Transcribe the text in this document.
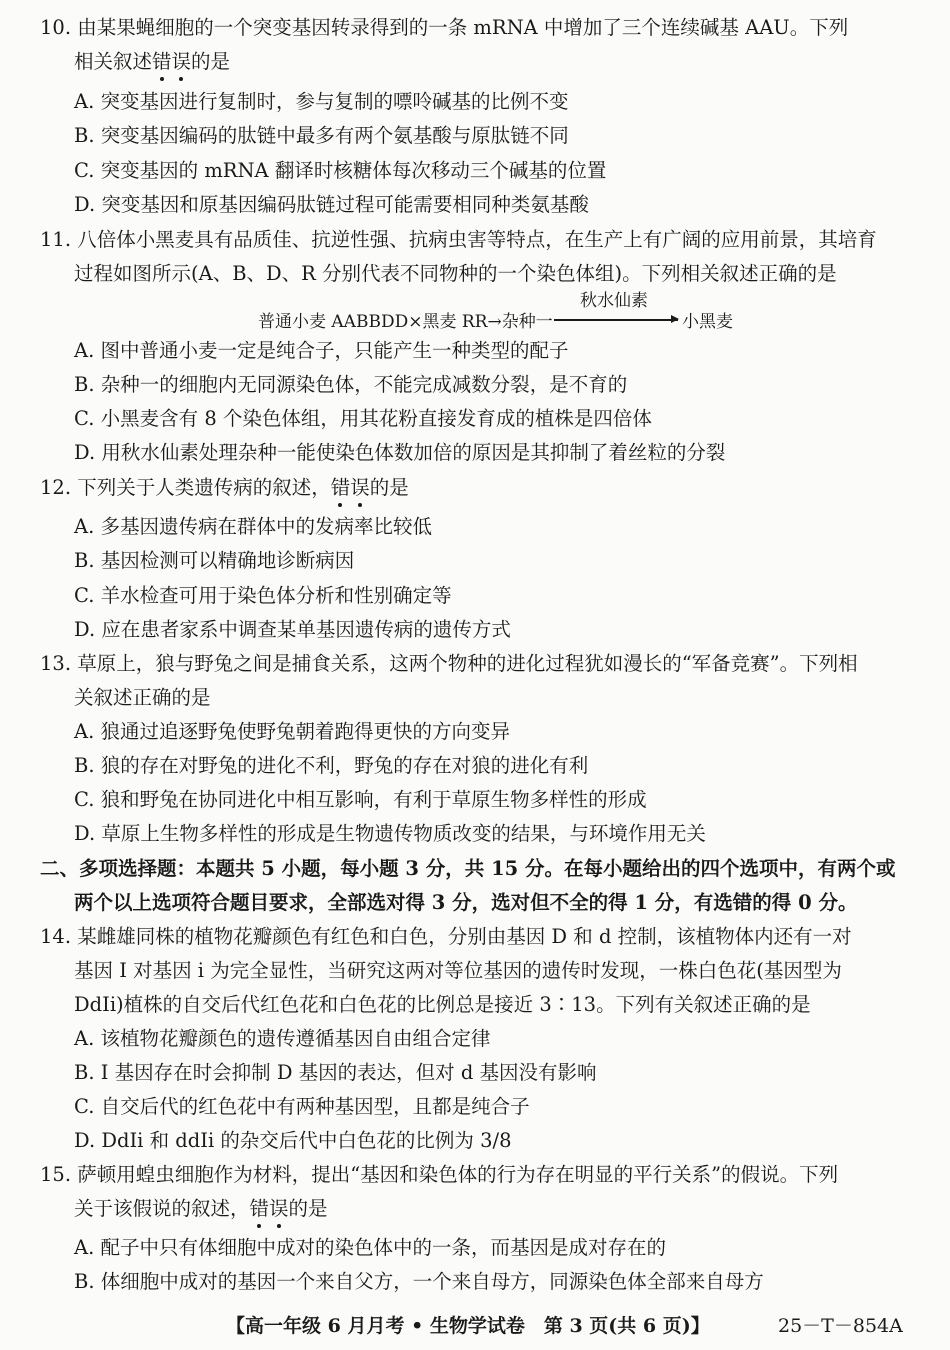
10. 由某果蝇细胞的一个突变基因转录得到的一条 mRNA 中增加了三个连续碱基 AAU。下列
相关叙述错误的是
A. 突变基因进行复制时，参与复制的嘌呤碱基的比例不变
B. 突变基因编码的肽链中最多有两个氨基酸与原肽链不同
C. 突变基因的 mRNA 翻译时核糖体每次移动三个碱基的位置
D. 突变基因和原基因编码肽链过程可能需要相同种类氨基酸
11. 八倍体小黑麦具有品质佳、抗逆性强、抗病虫害等特点，在生产上有广阔的应用前景，其培育
过程如图所示(A、B、D、R 分别代表不同物种的一个染色体组)。下列相关叙述正确的是
普通小麦 AABBDD×黑麦 RR→杂种一
秋水仙素
小黑麦
A. 图中普通小麦一定是纯合子，只能产生一种类型的配子
B. 杂种一的细胞内无同源染色体，不能完成减数分裂，是不育的
C. 小黑麦含有 8 个染色体组，用其花粉直接发育成的植株是四倍体
D. 用秋水仙素处理杂种一能使染色体数加倍的原因是其抑制了着丝粒的分裂
12. 下列关于人类遗传病的叙述，错误的是
A. 多基因遗传病在群体中的发病率比较低
B. 基因检测可以精确地诊断病因
C. 羊水检查可用于染色体分析和性别确定等
D. 应在患者家系中调查某单基因遗传病的遗传方式
13. 草原上，狼与野兔之间是捕食关系，这两个物种的进化过程犹如漫长的“军备竞赛”。下列相
关叙述正确的是
A. 狼通过追逐野兔使野兔朝着跑得更快的方向变异
B. 狼的存在对野兔的进化不利，野兔的存在对狼的进化有利
C. 狼和野兔在协同进化中相互影响，有利于草原生物多样性的形成
D. 草原上生物多样性的形成是生物遗传物质改变的结果，与环境作用无关
二、多项选择题：本题共 5 小题，每小题 3 分，共 15 分。在每小题给出的四个选项中，有两个或
两个以上选项符合题目要求，全部选对得 3 分，选对但不全的得 1 分，有选错的得 0 分。
14. 某雌雄同株的植物花瓣颜色有红色和白色，分别由基因 D 和 d 控制，该植物体内还有一对
基因 I 对基因 i 为完全显性，当研究这两对等位基因的遗传时发现，一株白色花(基因型为
DdIi)植株的自交后代红色花和白色花的比例总是接近 3∶13。下列有关叙述正确的是
A. 该植物花瓣颜色的遗传遵循基因自由组合定律
B. I 基因存在时会抑制 D 基因的表达，但对 d 基因没有影响
C. 自交后代的红色花中有两种基因型，且都是纯合子
D. DdIi 和 ddIi 的杂交后代中白色花的比例为 3/8
15. 萨顿用蝗虫细胞作为材料，提出“基因和染色体的行为存在明显的平行关系”的假说。下列
关于该假说的叙述，错误的是
A. 配子中只有体细胞中成对的染色体中的一条，而基因是成对存在的
B. 体细胞中成对的基因一个来自父方，一个来自母方，同源染色体全部来自母方
【高一年级 6 月月考 • 生物学试卷　第 3 页(共 6 页)】	25－T－854A
